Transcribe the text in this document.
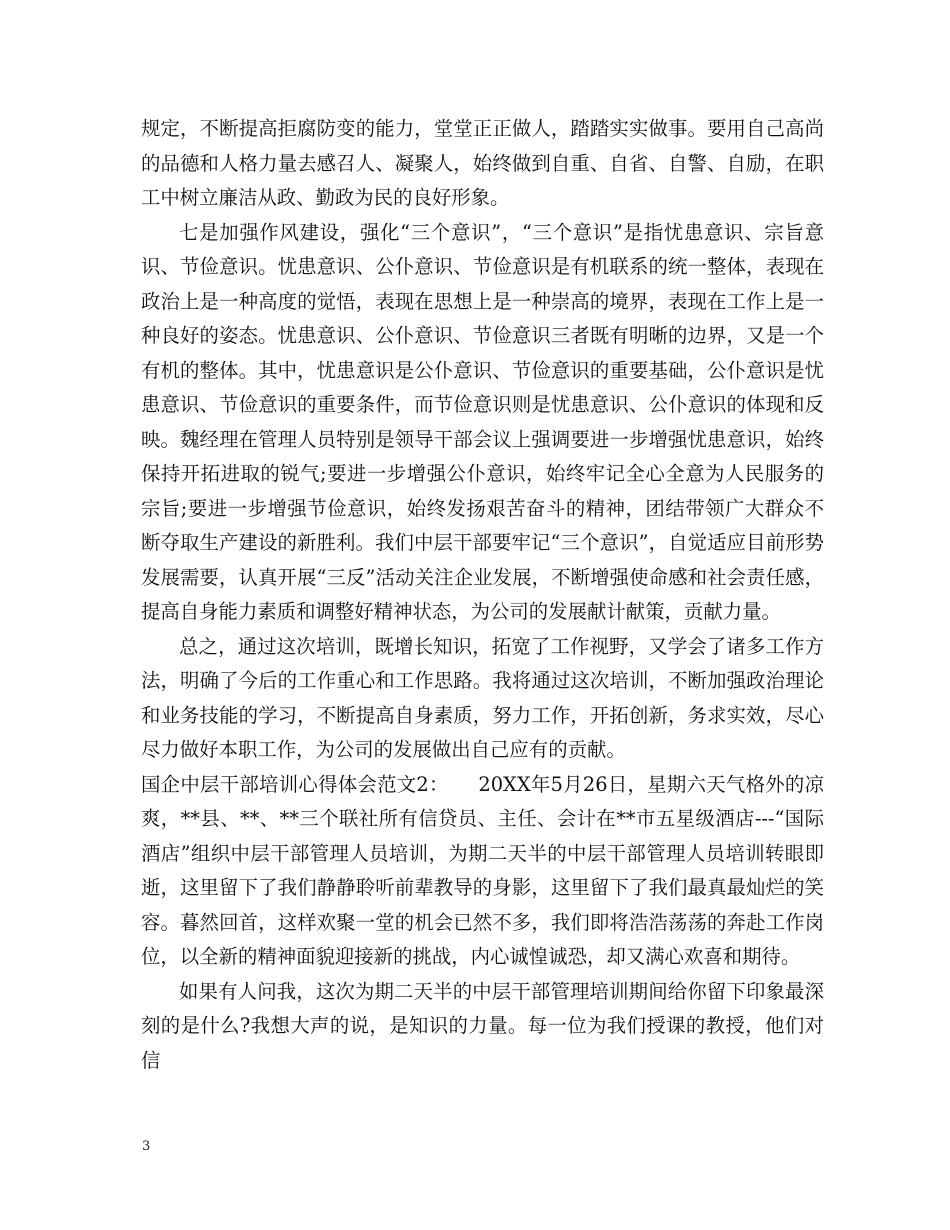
规定，不断提高拒腐防变的能力，堂堂正正做人，踏踏实实做事。要用自己高尚的品德和人格力量去感召人、凝聚人，始终做到自重、自省、自警、自励，在职工中树立廉洁从政、勤政为民的良好形象。

七是加强作风建设，强化“三个意识”，“三个意识”是指忧患意识、宗旨意识、节俭意识。忧患意识、公仆意识、节俭意识是有机联系的统一整体，表现在政治上是一种高度的觉悟，表现在思想上是一种崇高的境界，表现在工作上是一种良好的姿态。忧患意识、公仆意识、节俭意识三者既有明晰的边界，又是一个有机的整体。其中，忧患意识是公仆意识、节俭意识的重要基础，公仆意识是忧患意识、节俭意识的重要条件，而节俭意识则是忧患意识、公仆意识的体现和反映。魏经理在管理人员特别是领导干部会议上强调要进一步增强忧患意识，始终保持开拓进取的锐气;要进一步增强公仆意识，始终牢记全心全意为人民服务的宗旨;要进一步增强节俭意识，始终发扬艰苦奋斗的精神，团结带领广大群众不断夺取生产建设的新胜利。我们中层干部要牢记“三个意识”，自觉适应目前形势发展需要，认真开展“三反”活动关注企业发展，不断增强使命感和社会责任感，提高自身能力素质和调整好精神状态，为公司的发展献计献策，贡献力量。

总之，通过这次培训，既增长知识，拓宽了工作视野，又学会了诸多工作方法，明确了今后的工作重心和工作思路。我将通过这次培训，不断加强政治理论和业务技能的学习，不断提高自身素质，努力工作，开拓创新，务求实效，尽心尽力做好本职工作，为公司的发展做出自己应有的贡献。

国企中层干部培训心得体会范文2：　　20XX年5月26日，星期六天气格外的凉爽，**县、**、**三个联社所有信贷员、主任、会计在**市五星级酒店---“国际酒店”组织中层干部管理人员培训，为期二天半的中层干部管理人员培训转眼即逝，这里留下了我们静静聆听前辈教导的身影，这里留下了我们最真最灿烂的笑容。暮然回首，这样欢聚一堂的机会已然不多，我们即将浩浩荡荡的奔赴工作岗位，以全新的精神面貌迎接新的挑战，内心诚惶诚恐，却又满心欢喜和期待。

如果有人问我，这次为期二天半的中层干部管理培训期间给你留下印象最深刻的是什么?我想大声的说，是知识的力量。每一位为我们授课的教授，他们对信

3
